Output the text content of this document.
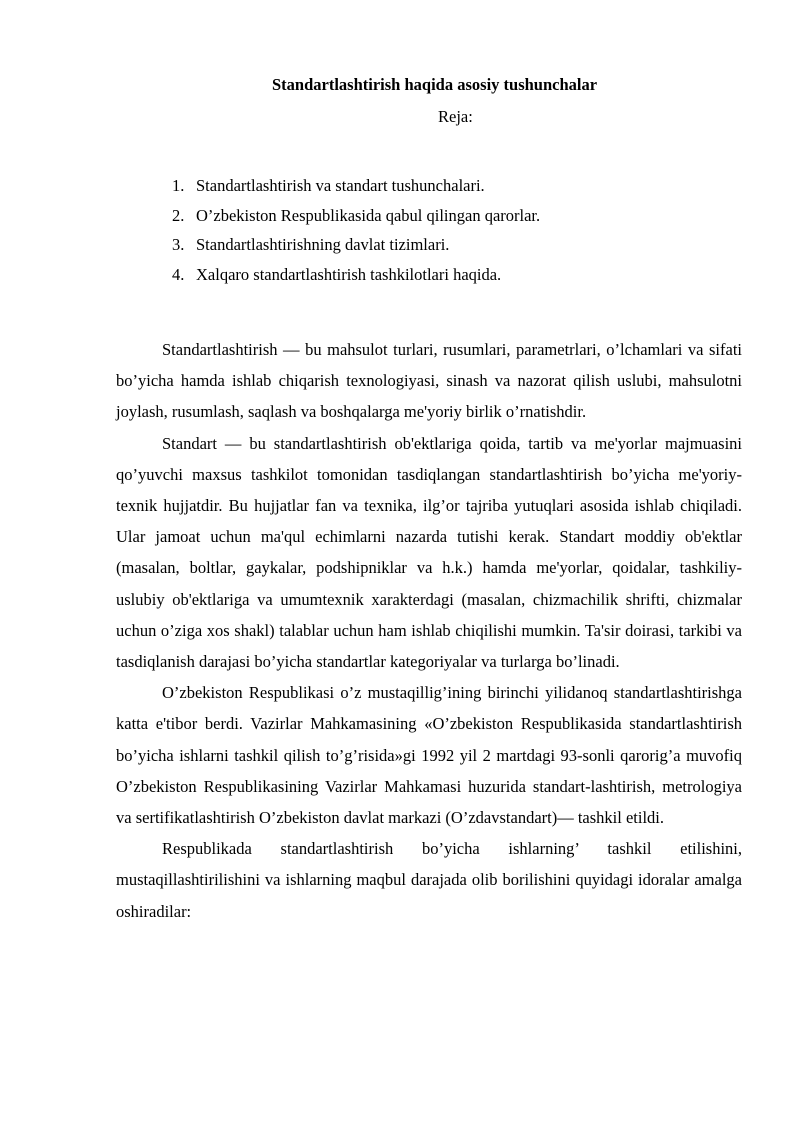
Standartlashtirish haqida asosiy tushunchalar
Reja:
1. Standartlashtirish va standart tushunchalari.
2. O’zbekiston Respublikasida qabul qilingan qarorlar.
3. Standartlashtirishning davlat tizimlari.
4. Xalqaro standartlashtirish tashkilotlari haqida.

Standartlashtirish — bu mahsulot turlari, rusumlari, parametrlari, o’lchamlari va sifati bo’yicha hamda ishlab chiqarish texnologiyasi, sinash va nazorat qilish uslubi, mahsulotni joylash, rusumlash, saqlash va boshqalarga me'yoriy birlik o’rnatishdir.

Standart — bu standartlashtirish ob'ektlariga qoida, tartib va me'yorlar majmuasini qo’yuvchi maxsus tashkilot tomonidan tasdiqlangan standartlashtirish bo’yicha me'yoriy-texnik hujjatdir. Bu hujjatlar fan va texnika, ilg’or tajriba yutuqlari asosida ishlab chiqiladi. Ular jamoat uchun ma'qul echimlarni nazarda tutishi kerak. Standart moddiy ob'ektlar (masalan, boltlar, gaykalar, podshipniklar va h.k.) hamda me'yorlar, qoidalar, tashkiliy- uslubiy ob'ektlariga va umumtexnik xarakterdagi (masalan, chizmachilik shrifti, chizmalar uchun o’ziga xos shakl) talablar uchun ham ishlab chiqilishi mumkin. Ta'sir doirasi, tarkibi va tasdiqlanish darajasi bo’yicha standartlar kategoriyalar va turlarga bo’linadi.

O’zbekiston Respublikasi o’z mustaqillig’ining birinchi yilidanoq standartlashtirishga katta e'tibor berdi. Vazirlar Mahkamasining «O’zbekiston Respublikasida standartlashtirish bo’yicha ishlarni tashkil qilish to’g’risida»gi 1992 yil 2 martdagi 93-sonli qarorig’a muvofiq O’zbekiston Respublikasining Vazirlar Mahkamasi huzurida standart-lashtirish, metrologiya va sertifikatlashtirish O’zbekiston davlat markazi (O’zdavstandart)— tashkil etildi.

Respublikada standartlashtirish bo’yicha ishlarning’ tashkil etilishini, mustaqillashtirilishini va ishlarning maqbul darajada olib borilishini quyidagi idoralar amalga oshiradilar:
